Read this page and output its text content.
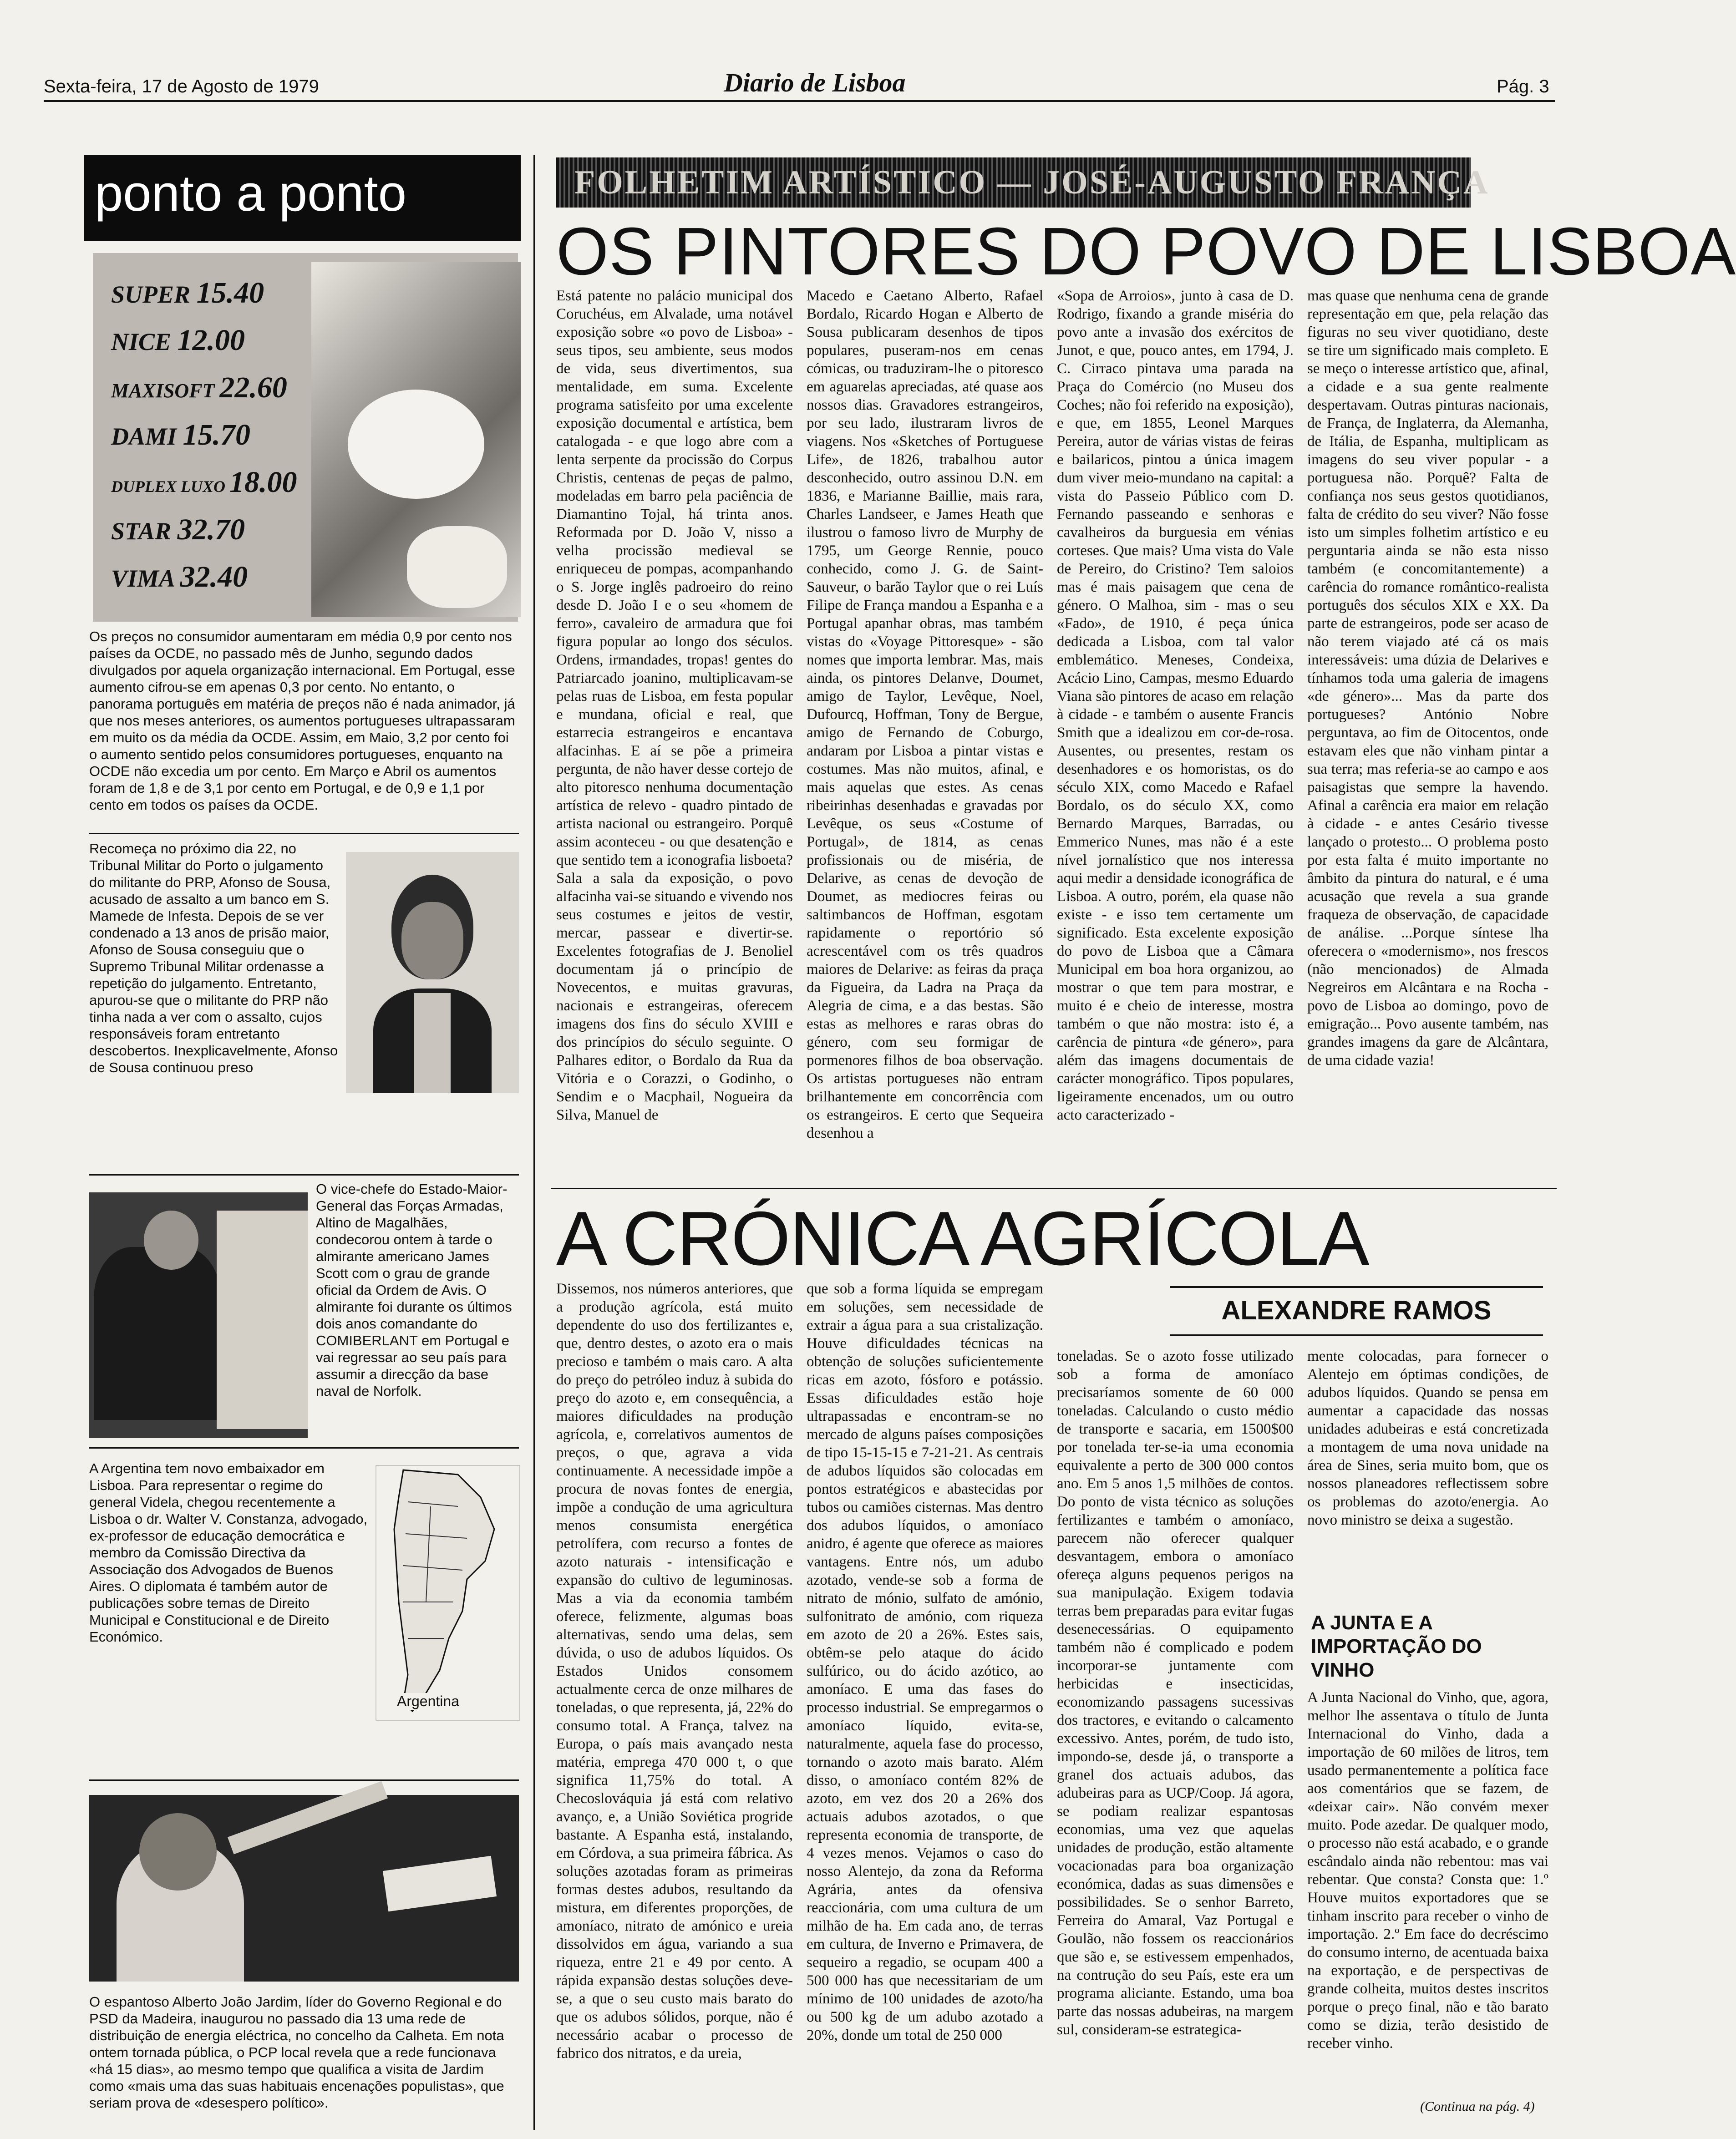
Sexta-feira, 17 de Agosto de 1979	Diario de Lisboa	Pág. 3
ponto a ponto
SUPER 15.40
NICE 12.00
MAXISOFT 22.60
DAMI 15.70
DUPLEX LUXO 18.00
STAR 32.70
VIMA 32.40
Os preços no consumidor aumentaram em média 0,9 por cento nos países da OCDE, no passado mês de Junho, segundo dados divulgados por aquela organização internacional. Em Portugal, esse aumento cifrou-se em apenas 0,3 por cento. No entanto, o panorama português em matéria de preços não é nada animador, já que nos meses anteriores, os aumentos portugueses ultrapassaram em muito os da média da OCDE. Assim, em Maio, 3,2 por cento foi o aumento sentido pelos consumidores portugueses, enquanto na OCDE não excedia um por cento. Em Março e Abril os aumentos foram de 1,8 e de 3,1 por cento em Portugal, e de 0,9 e 1,1 por cento em todos os países da OCDE.
Recomeça no próximo dia 22, no Tribunal Militar do Porto o julgamento do militante do PRP, Afonso de Sousa, acusado de assalto a um banco em S. Mamede de Infesta. Depois de se ver condenado a 13 anos de prisão maior, Afonso de Sousa conseguiu que o Supremo Tribunal Militar ordenasse a repetição do julgamento. Entretanto, apurou-se que o militante do PRP não tinha nada a ver com o assalto, cujos responsáveis foram entretanto descobertos. Inexplicavelmente, Afonso de Sousa continuou preso
O vice-chefe do Estado-Maior-General das Forças Armadas, Altino de Magalhães, condecorou ontem à tarde o almirante americano James Scott com o grau de grande oficial da Ordem de Avis. O almirante foi durante os últimos dois anos comandante do COMIBERLANT em Portugal e vai regressar ao seu país para assumir a direcção da base naval de Norfolk.
A Argentina tem novo embaixador em Lisboa. Para representar o regime do general Videla, chegou recentemente a Lisboa o dr. Walter V. Constanza, advogado, ex-professor de educação democrática e membro da Comissão Directiva da Associação dos Advogados de Buenos Aires. O diplomata é também autor de publicações sobre temas de Direito Municipal e Constitucional e de Direito Económico.
Argentina
O espantoso Alberto João Jardim, líder do Governo Regional e do PSD da Madeira, inaugurou no passado dia 13 uma rede de distribuição de energia eléctrica, no concelho da Calheta. Em nota ontem tornada pública, o PCP local revela que a rede funcionava «há 15 dias», ao mesmo tempo que qualifica a visita de Jardim como «mais uma das suas habituais encenações populistas», que seriam prova de «desespero político».
FOLHETIM ARTÍSTICO — JOSÉ-AUGUSTO FRANÇA
OS PINTORES DO POVO DE LISBOA
Está patente no palácio municipal dos Coruchéus, em Alvalade, uma notável exposição sobre «o povo de Lisboa» - seus tipos, seu ambiente, seus modos de vida, seus divertimentos, sua mentalidade, em suma. Excelente programa satisfeito por uma excelente exposição documental e artística, bem catalogada - e que logo abre com a lenta serpente da procissão do Corpus Christis, centenas de peças de palmo, modeladas em barro pela paciência de Diamantino Tojal, há trinta anos. Reformada por D. João V, nisso a velha procissão medieval se enriqueceu de pompas, acompanhando o S. Jorge inglês padroeiro do reino desde D. João I e o seu «homem de ferro», cavaleiro de armadura que foi figura popular ao longo dos séculos. Ordens, irmandades, tropas! gentes do Patriarcado joanino, multiplicavam-se pelas ruas de Lisboa, em festa popular e mundana, oficial e real, que estarrecia estrangeiros e encantava alfacinhas. E aí se põe a primeira pergunta, de não haver desse cortejo de alto pitoresco nenhuma documentação artística de relevo - quadro pintado de artista nacional ou estrangeiro. Porquê assim aconteceu - ou que desatenção e que sentido tem a iconografia lisboeta? Sala a sala da exposição, o povo alfacinha vai-se situando e vivendo nos seus costumes e jeitos de vestir, mercar, passear e divertir-se. Excelentes fotografias de J. Benoliel documentam já o princípio de Novecentos, e muitas gravuras, nacionais e estrangeiras, oferecem imagens dos fins do século XVIII e dos princípios do século seguinte. O Palhares editor, o Bordalo da Rua da Vitória e o Corazzi, o Godinho, o Sendim e o Macphail, Nogueira da Silva, Manuel de
Macedo e Caetano Alberto, Rafael Bordalo, Ricardo Hogan e Alberto de Sousa publicaram desenhos de tipos populares, puseram-nos em cenas cómicas, ou traduziram-lhe o pitoresco em aguarelas apreciadas, até quase aos nossos dias. Gravadores estrangeiros, por seu lado, ilustraram livros de viagens. Nos «Sketches of Portuguese Life», de 1826, trabalhou autor desconhecido, outro assinou D.N. em 1836, e Marianne Baillie, mais rara, Charles Landseer, e James Heath que ilustrou o famoso livro de Murphy de 1795, um George Rennie, pouco conhecido, como J. G. de Saint-Sauveur, o barão Taylor que o rei Luís Filipe de França mandou a Espanha e a Portugal apanhar obras, mas também vistas do «Voyage Pittoresque» - são nomes que importa lembrar. Mas, mais ainda, os pintores Delanve, Doumet, amigo de Taylor, Levêque, Noel, Dufourcq, Hoffman, Tony de Bergue, amigo de Fernando de Coburgo, andaram por Lisboa a pintar vistas e costumes. Mas não muitos, afinal, e mais aquelas que estes. As cenas ribeirinhas desenhadas e gravadas por Levêque, os seus «Costume of Portugal», de 1814, as cenas profissionais ou de miséria, de Delarive, as cenas de devoção de Doumet, as mediocres feiras ou saltimbancos de Hoffman, esgotam rapidamente o reportório só acrescentável com os três quadros maiores de Delarive: as feiras da praça da Figueira, da Ladra na Praça da Alegria de cima, e a das bestas. São estas as melhores e raras obras do género, com seu formigar de pormenores filhos de boa observação. Os artistas portugueses não entram brilhantemente em concorrência com os estrangeiros. E certo que Sequeira desenhou a
«Sopa de Arroios», junto à casa de D. Rodrigo, fixando a grande miséria do povo ante a invasão dos exércitos de Junot, e que, pouco antes, em 1794, J. C. Cirraco pintava uma parada na Praça do Comércio (no Museu dos Coches; não foi referido na exposição), e que, em 1855, Leonel Marques Pereira, autor de várias vistas de feiras e bailaricos, pintou a única imagem dum viver meio-mundano na capital: a vista do Passeio Público com D. Fernando passeando e senhoras e cavalheiros da burguesia em vénias corteses. Que mais? Uma vista do Vale de Pereiro, do Cristino? Tem saloios mas é mais paisagem que cena de género. O Malhoa, sim - mas o seu «Fado», de 1910, é peça única dedicada a Lisboa, com tal valor emblemático. Meneses, Condeixa, Acácio Lino, Campas, mesmo Eduardo Viana são pintores de acaso em relação à cidade - e também o ausente Francis Smith que a idealizou em cor-de-rosa. Ausentes, ou presentes, restam os desenhadores e os homoristas, os do século XIX, como Macedo e Rafael Bordalo, os do século XX, como Bernardo Marques, Barradas, ou Emmerico Nunes, mas não é a este nível jornalístico que nos interessa aqui medir a densidade iconográfica de Lisboa. A outro, porém, ela quase não existe - e isso tem certamente um significado. Esta excelente exposição do povo de Lisboa que a Câmara Municipal em boa hora organizou, ao mostrar o que tem para mostrar, e muito é e cheio de interesse, mostra também o que não mostra: isto é, a carência de pintura «de género», para além das imagens documentais de carácter monográfico. Tipos populares, ligeiramente encenados, um ou outro acto caracterizado -
mas quase que nenhuma cena de grande representação em que, pela relação das figuras no seu viver quotidiano, deste se tire um significado mais completo. E se meço o interesse artístico que, afinal, a cidade e a sua gente realmente despertavam. Outras pinturas nacionais, de França, de Inglaterra, da Alemanha, de Itália, de Espanha, multiplicam as imagens do seu viver popular - a portuguesa não. Porquê? Falta de confiança nos seus gestos quotidianos, falta de crédito do seu viver? Não fosse isto um simples folhetim artístico e eu perguntaria ainda se não esta nisso também (e concomitantemente) a carência do romance romântico-realista português dos séculos XIX e XX. Da parte de estrangeiros, pode ser acaso de não terem viajado até cá os mais interessáveis: uma dúzia de Delarives e tínhamos toda uma galeria de imagens «de género»... Mas da parte dos portugueses? António Nobre perguntava, ao fim de Oitocentos, onde estavam eles que não vinham pintar a sua terra; mas referia-se ao campo e aos paisagistas que sempre la havendo. Afinal a carência era maior em relação à cidade - e antes Cesário tivesse lançado o protesto... O problema posto por esta falta é muito importante no âmbito da pintura do natural, e é uma acusação que revela a sua grande fraqueza de observação, de capacidade de análise. ...Porque síntese lha oferecera o «modernismo», nos frescos (não mencionados) de Almada Negreiros em Alcântara e na Rocha - povo de Lisboa ao domingo, povo de emigração... Povo ausente também, nas grandes imagens da gare de Alcântara, de uma cidade vazia!
A CRÓNICA AGRÍCOLA
ALEXANDRE RAMOS
Dissemos, nos números anteriores, que a produção agrícola, está muito dependente do uso dos fertilizantes e, que, dentro destes, o azoto era o mais precioso e também o mais caro. A alta do preço do petróleo induz à subida do preço do azoto e, em consequência, a maiores dificuldades na produção agrícola, e, correlativos aumentos de preços, o que, agrava a vida continuamente. A necessidade impõe a procura de novas fontes de energia, impõe a condução de uma agricultura menos consumista energética petrolífera, com recurso a fontes de azoto naturais - intensificação e expansão do cultivo de leguminosas. Mas a via da economia também oferece, felizmente, algumas boas alternativas, sendo uma delas, sem dúvida, o uso de adubos líquidos. Os Estados Unidos consomem actualmente cerca de onze milhares de toneladas, o que representa, já, 22% do consumo total. A França, talvez na Europa, o país mais avançado nesta matéria, emprega 470 000 t, o que significa 11,75% do total. A Checoslováquia já está com relativo avanço, e, a União Soviética progride bastante. A Espanha está, instalando, em Córdova, a sua primeira fábrica. As soluções azotadas foram as primeiras formas destes adubos, resultando da mistura, em diferentes proporções, de amoníaco, nitrato de amónico e ureia dissolvidos em água, variando a sua riqueza, entre 21 e 49 por cento. A rápida expansão destas soluções deve-se, a que o seu custo mais barato do que os adubos sólidos, porque, não é necessário acabar o processo de fabrico dos nitratos, e da ureia,
que sob a forma líquida se empregam em soluções, sem necessidade de extrair a água para a sua cristalização. Houve dificuldades técnicas na obtenção de soluções suficientemente ricas em azoto, fósforo e potássio. Essas dificuldades estão hoje ultrapassadas e encontram-se no mercado de alguns países composições de tipo 15-15-15 e 7-21-21. As centrais de adubos líquidos são colocadas em pontos estratégicos e abastecidas por tubos ou camiões cisternas. Mas dentro dos adubos líquidos, o amoníaco anidro, é agente que oferece as maiores vantagens. Entre nós, um adubo azotado, vende-se sob a forma de nitrato de mónio, sulfato de amónio, sulfonitrato de amónio, com riqueza em azoto de 20 a 26%. Estes sais, obtêm-se pelo ataque do ácido sulfúrico, ou do ácido azótico, ao amoníaco. E uma das fases do processo industrial. Se empregarmos o amoníaco líquido, evita-se, naturalmente, aquela fase do processo, tornando o azoto mais barato. Além disso, o amoníaco contém 82% de azoto, em vez dos 20 a 26% dos actuais adubos azotados, o que representa economia de transporte, de 4 vezes menos. Vejamos o caso do nosso Alentejo, da zona da Reforma Agrária, antes da ofensiva reaccionária, com uma cultura de um milhão de ha. Em cada ano, de terras em cultura, de Inverno e Primavera, de sequeiro a regadio, se ocupam 400 a 500 000 has que necessitariam de um mínimo de 100 unidades de azoto/ha ou 500 kg de um adubo azotado a 20%, donde um total de 250 000
toneladas. Se o azoto fosse utilizado sob a forma de amoníaco precisaríamos somente de 60 000 toneladas. Calculando o custo médio de transporte e sacaria, em 1500$00 por tonelada ter-se-ia uma economia equivalente a perto de 300 000 contos ano. Em 5 anos 1,5 milhões de contos. Do ponto de vista técnico as soluções fertilizantes e também o amoníaco, parecem não oferecer qualquer desvantagem, embora o amoníaco ofereça alguns pequenos perigos na sua manipulação. Exigem todavia terras bem preparadas para evitar fugas desenecessárias. O equipamento também não é complicado e podem incorporar-se juntamente com herbicidas e insecticidas, economizando passagens sucessivas dos tractores, e evitando o calcamento excessivo. Antes, porém, de tudo isto, impondo-se, desde já, o transporte a granel dos actuais adubos, das adubeiras para as UCP/Coop. Já agora, se podiam realizar espantosas economias, uma vez que aquelas unidades de produção, estão altamente vocacionadas para boa organização económica, dadas as suas dimensões e possibilidades. Se o senhor Barreto, Ferreira do Amaral, Vaz Portugal e Goulão, não fossem os reaccionários que são e, se estivessem empenhados, na contrução do seu País, este era um programa aliciante. Estando, uma boa parte das nossas adubeiras, na margem sul, consideram-se estrategica-
mente colocadas, para fornecer o Alentejo em óptimas condições, de adubos líquidos. Quando se pensa em aumentar a capacidade das nossas unidades adubeiras e está concretizada a montagem de uma nova unidade na área de Sines, seria muito bom, que os nossos planeadores reflectissem sobre os problemas do azoto/energia. Ao novo ministro se deixa a sugestão.
A JUNTA E A IMPORTAÇÃO DO VINHO
A Junta Nacional do Vinho, que, agora, melhor lhe assentava o título de Junta Internacional do Vinho, dada a importação de 60 milões de litros, tem usado permanentemente a política face aos comentários que se fazem, de «deixar cair». Não convém mexer muito. Pode azedar. De qualquer modo, o processo não está acabado, e o grande escândalo ainda não rebentou: mas vai rebentar. Que consta? Consta que: 1.º Houve muitos exportadores que se tinham inscrito para receber o vinho de importação. 2.º Em face do decréscimo do consumo interno, de acentuada baixa na exportação, e de perspectivas de grande colheita, muitos destes inscritos porque o preço final, não e tão barato como se dizia, terão desistido de receber vinho.
(Continua na pág. 4)
